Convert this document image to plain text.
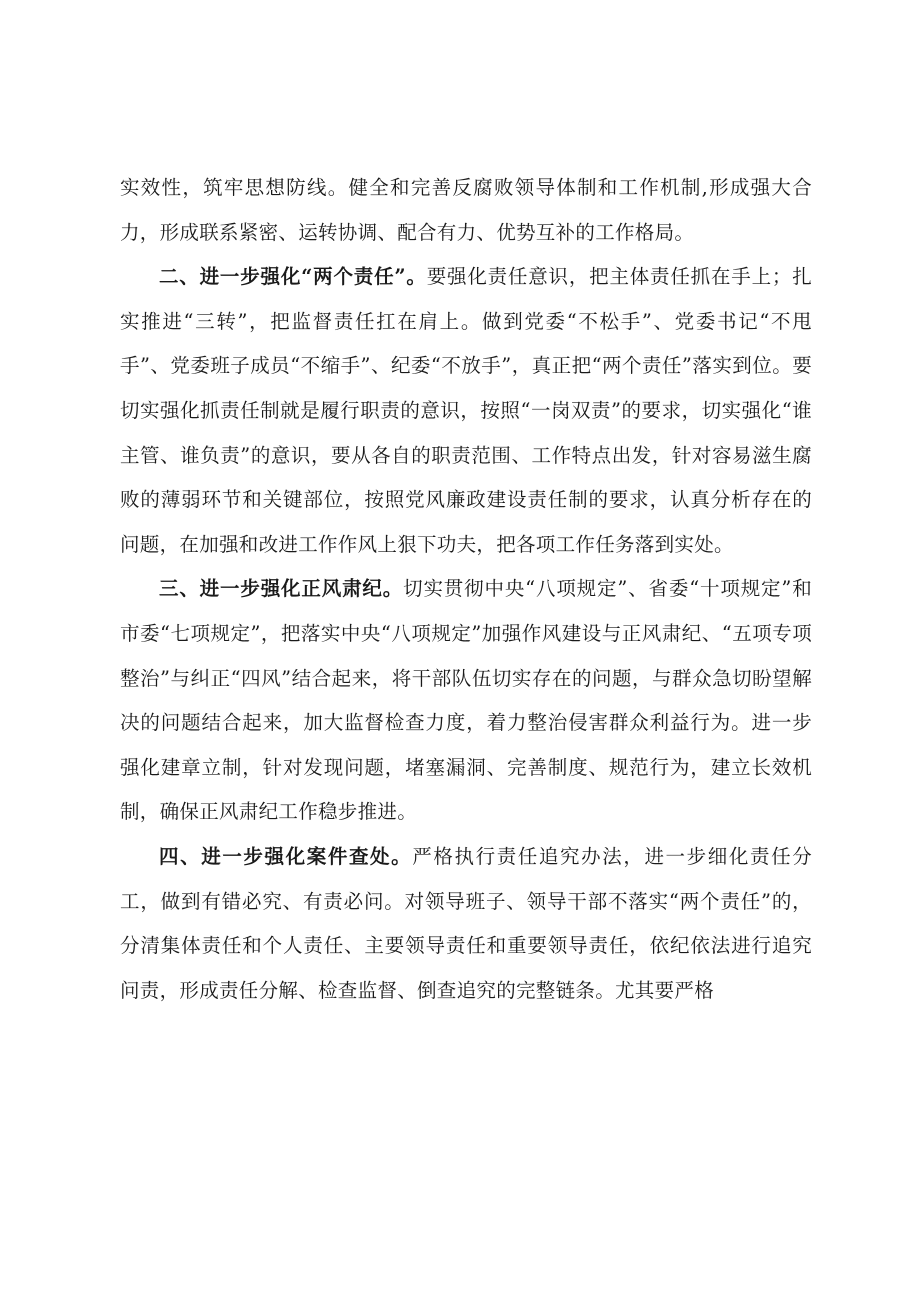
实效性，筑牢思想防线。健全和完善反腐败领导体制和工作机制,形成强大合力，形成联系紧密、运转协调、配合有力、优势互补的工作格局。

二、进一步强化“两个责任”。要强化责任意识，把主体责任抓在手上；扎实推进“三转”，把监督责任扛在肩上。做到党委“不松手”、党委书记“不甩手”、党委班子成员“不缩手”、纪委“不放手”，真正把“两个责任”落实到位。要切实强化抓责任制就是履行职责的意识，按照“一岗双责”的要求，切实强化“谁主管、谁负责”的意识，要从各自的职责范围、工作特点出发，针对容易滋生腐败的薄弱环节和关键部位，按照党风廉政建设责任制的要求，认真分析存在的问题，在加强和改进工作作风上狠下功夫，把各项工作任务落到实处。

三、进一步强化正风肃纪。切实贯彻中央“八项规定”、省委“十项规定”和市委“七项规定”，把落实中央“八项规定”加强作风建设与正风肃纪、“五项专项整治”与纠正“四风”结合起来，将干部队伍切实存在的问题，与群众急切盼望解决的问题结合起来，加大监督检查力度，着力整治侵害群众利益行为。进一步强化建章立制，针对发现问题，堵塞漏洞、完善制度、规范行为，建立长效机制，确保正风肃纪工作稳步推进。

四、进一步强化案件查处。严格执行责任追究办法，进一步细化责任分工，做到有错必究、有责必问。对领导班子、领导干部不落实“两个责任”的，分清集体责任和个人责任、主要领导责任和重要领导责任，依纪依法进行追究问责，形成责任分解、检查监督、倒查追究的完整链条。尤其要严格
